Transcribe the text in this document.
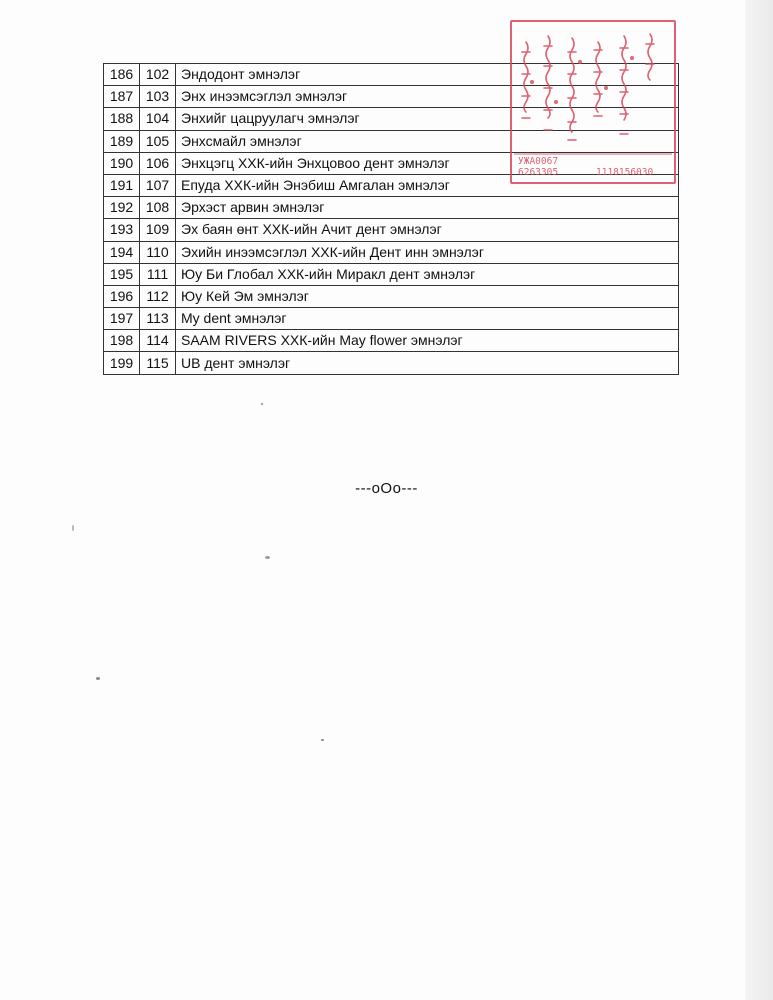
186	102	Эндодонт эмнэлэг
187	103	Энх инээмсэглэл эмнэлэг
188	104	Энхийг цацруулагч эмнэлэг
189	105	Энхсмайл эмнэлэг
190	106	Энхцэгц ХХК-ийн Энхцовоо дент эмнэлэг
191	107	Епуда ХХК-ийн Энэбиш Амгалан эмнэлэг
192	108	Эрхэст арвин эмнэлэг
193	109	Эх баян өнт ХХК-ийн Ачит дент эмнэлэг
194	110	Эхийн инээмсэглэл ХХК-ийн Дент инн эмнэлэг
195	111	Юу Би Глобал ХХК-ийн Миракл дент эмнэлэг
196	112	Юу Кей Эм эмнэлэг
197	113	My dent эмнэлэг
198	114	SAAM RIVERS ХХК-ийн May flower эмнэлэг
199	115	UB дент эмнэлэг
---oOo---
УЖА0067
6263305	1118156030
